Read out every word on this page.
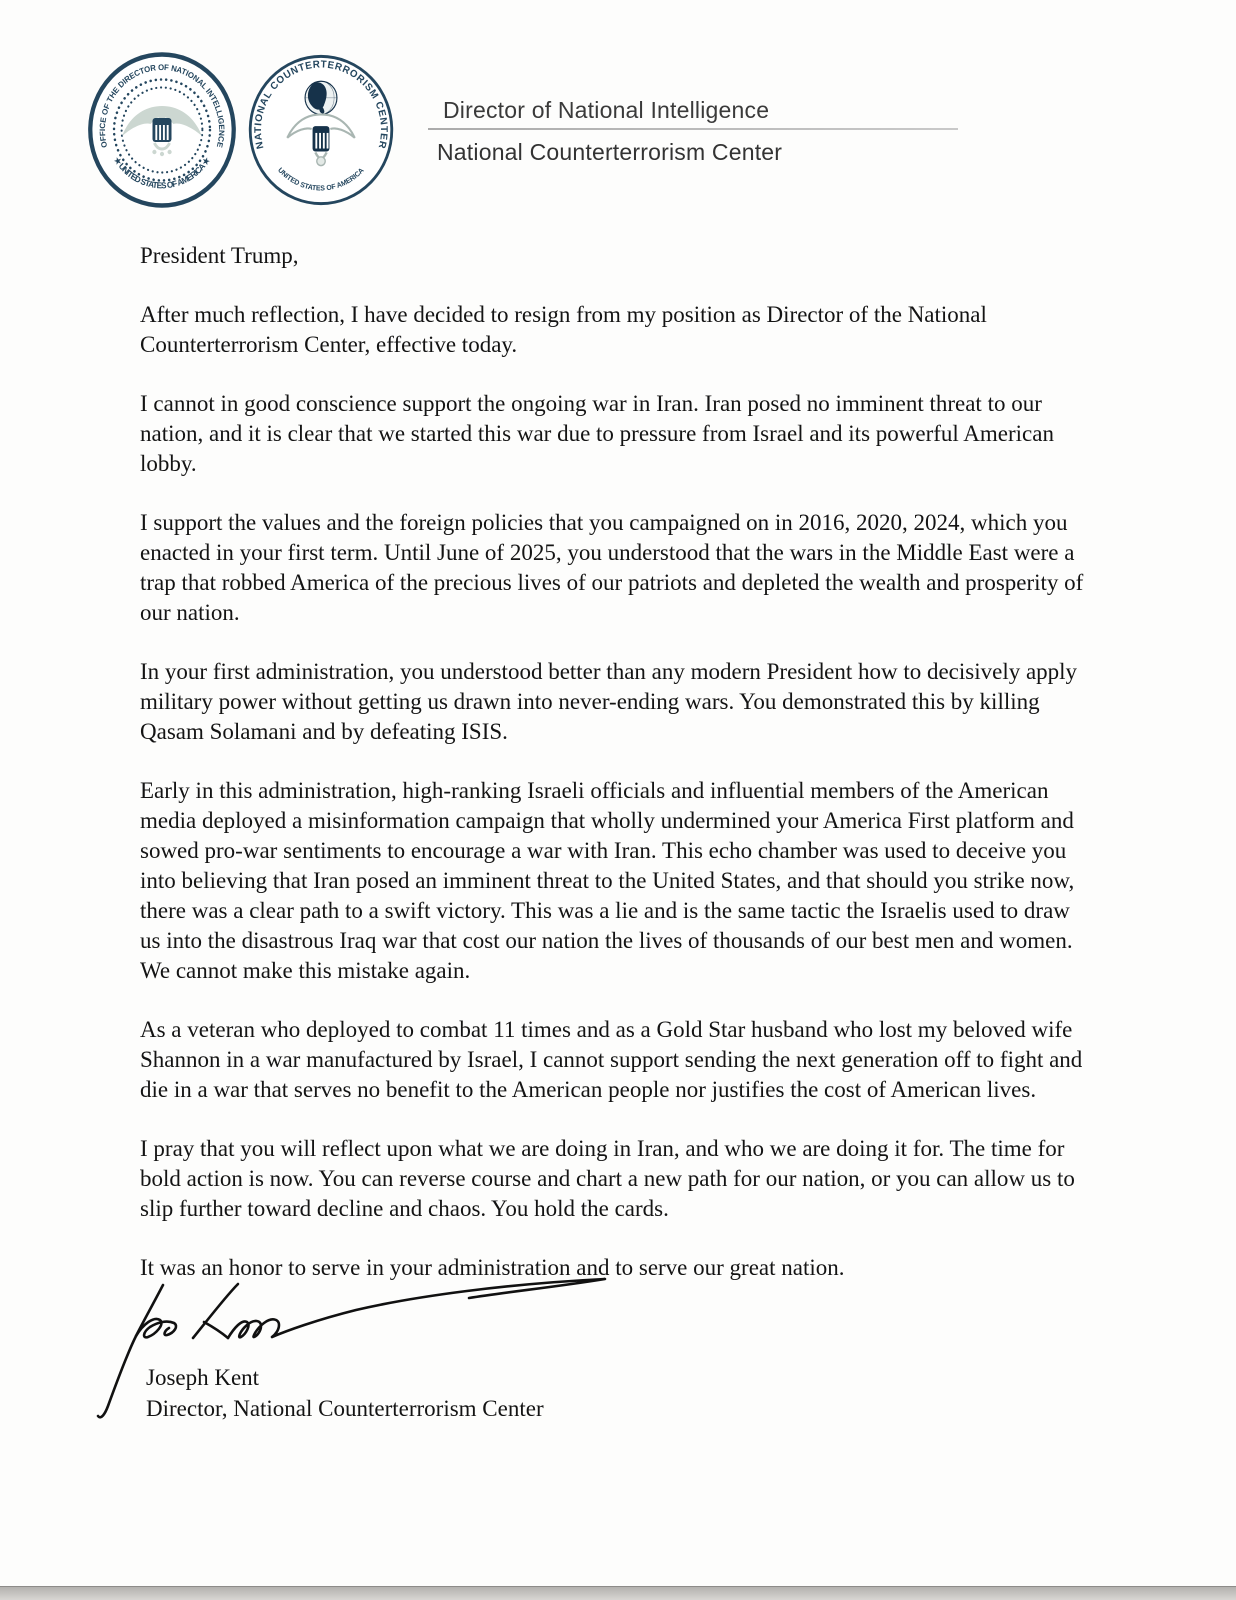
OFFICE OF THE DIRECTOR OF NATIONAL INTELLIGENCE
★ UNITED STATES OF AMERICA ★
NATIONAL COUNTERTERRORISM CENTER
UNITED STATES OF AMERICA
Director of National Intelligence
National Counterterrorism Center

President Trump,

After much reflection, I have decided to resign from my position as Director of the National Counterterrorism Center, effective today.

I cannot in good conscience support the ongoing war in Iran. Iran posed no imminent threat to our nation, and it is clear that we started this war due to pressure from Israel and its powerful American lobby.

I support the values and the foreign policies that you campaigned on in 2016, 2020, 2024, which you enacted in your first term. Until June of 2025, you understood that the wars in the Middle East were a trap that robbed America of the precious lives of our patriots and depleted the wealth and prosperity of our nation.

In your first administration, you understood better than any modern President how to decisively apply military power without getting us drawn into never-ending wars. You demonstrated this by killing Qasam Solamani and by defeating ISIS.

Early in this administration, high-ranking Israeli officials and influential members of the American media deployed a misinformation campaign that wholly undermined your America First platform and sowed pro-war sentiments to encourage a war with Iran. This echo chamber was used to deceive you into believing that Iran posed an imminent threat to the United States, and that should you strike now, there was a clear path to a swift victory. This was a lie and is the same tactic the Israelis used to draw us into the disastrous Iraq war that cost our nation the lives of thousands of our best men and women. We cannot make this mistake again.

As a veteran who deployed to combat 11 times and as a Gold Star husband who lost my beloved wife Shannon in a war manufactured by Israel, I cannot support sending the next generation off to fight and die in a war that serves no benefit to the American people nor justifies the cost of American lives.

I pray that you will reflect upon what we are doing in Iran, and who we are doing it for. The time for bold action is now. You can reverse course and chart a new path for our nation, or you can allow us to slip further toward decline and chaos. You hold the cards.

It was an honor to serve in your administration and to serve our great nation.

Joseph Kent
Director, National Counterterrorism Center
